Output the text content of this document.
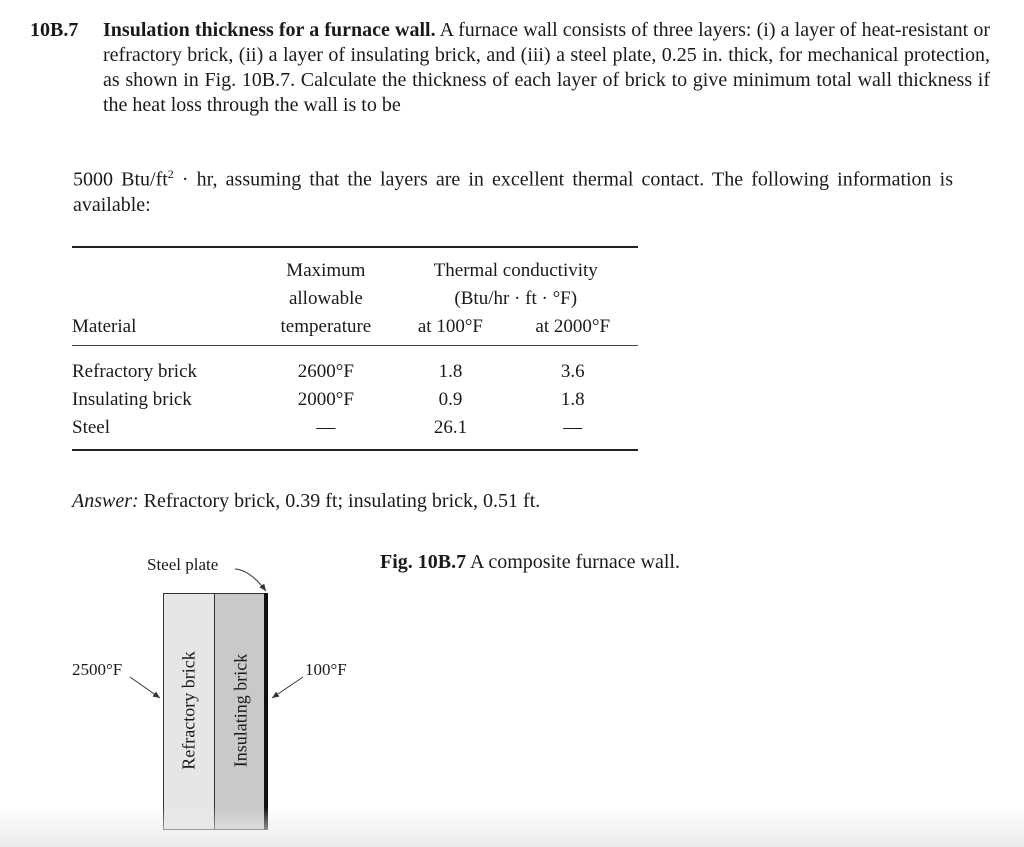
10B.7 Insulation thickness for a furnace wall. A furnace wall consists of three layers: (i) a layer of heat-resistant or refractory brick, (ii) a layer of insulating brick, and (iii) a steel plate, 0.25 in. thick, for mechanical protection, as shown in Fig. 10B.7. Calculate the thickness of each layer of brick to give minimum total wall thickness if the heat loss through the wall is to be
5000 Btu/$ft^2$ · hr, assuming that the layers are in excellent thermal contact. The following information is available:

	Maximum	Thermal conductivity	
	allowable	(Btu/hr · ft · °F)	
Material	temperature	at 100°F	at 2000°F

Refractory brick	2600°F	1.8	3.6
Insulating brick	2000°F	0.9	1.8
Steel	—	26.1	—

Answer: Refractory brick, 0.39 ft; insulating brick, 0.51 ft.
Fig. 10B.7 A composite furnace wall.
Refractory brick Insulating brick
Steel plate
2500°F	100°F
